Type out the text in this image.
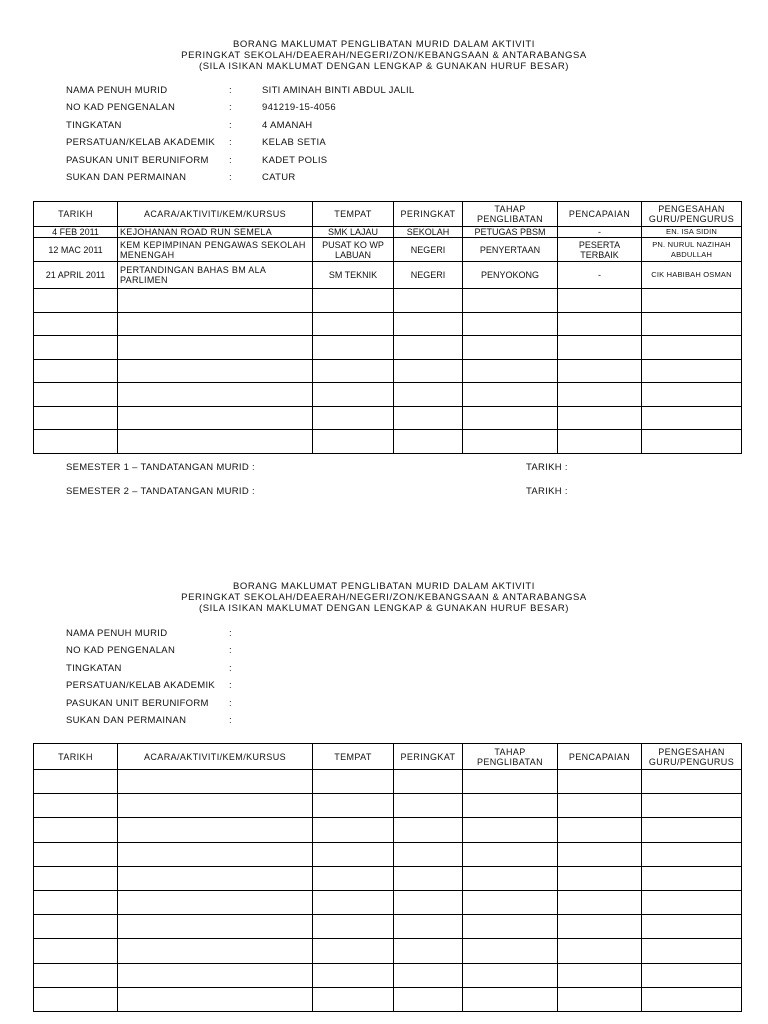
BORANG MAKLUMAT PENGLIBATAN MURID DALAM AKTIVITI
PERINGKAT SEKOLAH/DEAERAH/NEGERI/ZON/KEBANGSAAN & ANTARABANGSA
(SILA ISIKAN MAKLUMAT DENGAN LENGKAP & GUNAKAN HURUF BESAR)
NAMA PENUH MURID	:	SITI AMINAH BINTI ABDUL JALIL
NO KAD PENGENALAN	:	941219-15-4056
TINGKATAN	:	4 AMANAH
PERSATUAN/KELAB AKADEMIK :	KELAB SETIA
PASUKAN UNIT BERUNIFORM :	KADET POLIS
SUKAN DAN PERMAINAN	:	CATUR
TARIKH	ACARA/AKTIVITI/KEM/KURSUS	TEMPAT	PERINGKAT	TAHAP PENGLIBATAN	PENCAPAIAN	PENGESAHAN GURU/PENGURUS
4 FEB 2011	KEJOHANAN ROAD RUN SEMELA	SMK LAJAU	SEKOLAH	PETUGAS PBSM	-	EN. ISA SIDIN
12 MAC 2011	KEM KEPIMPINAN PENGAWAS SEKOLAH MENENGAH	PUSAT KO WP LABUAN	NEGERI	PENYERTAAN	PESERTA TERBAIK	PN. NURUL NAZIHAH ABDULLAH
21 APRIL 2011	PERTANDINGAN BAHAS BM ALA PARLIMEN	SM TEKNIK	NEGERI	PENYOKONG	-	CIK HABIBAH OSMAN

SEMESTER 1 – TANDATANGAN MURID :	TARIKH :
SEMESTER 2 – TANDATANGAN MURID :	TARIKH :
BORANG MAKLUMAT PENGLIBATAN MURID DALAM AKTIVITI
PERINGKAT SEKOLAH/DEAERAH/NEGERI/ZON/KEBANGSAAN & ANTARABANGSA
(SILA ISIKAN MAKLUMAT DENGAN LENGKAP & GUNAKAN HURUF BESAR)
NAMA PENUH MURID	:
NO KAD PENGENALAN	:
TINGKATAN	:
PERSATUAN/KELAB AKADEMIK :
PASUKAN UNIT BERUNIFORM :
SUKAN DAN PERMAINAN	:
TARIKH	ACARA/AKTIVITI/KEM/KURSUS	TEMPAT	PERINGKAT	TAHAP PENGLIBATAN	PENCAPAIAN	PENGESAHAN GURU/PENGURUS
